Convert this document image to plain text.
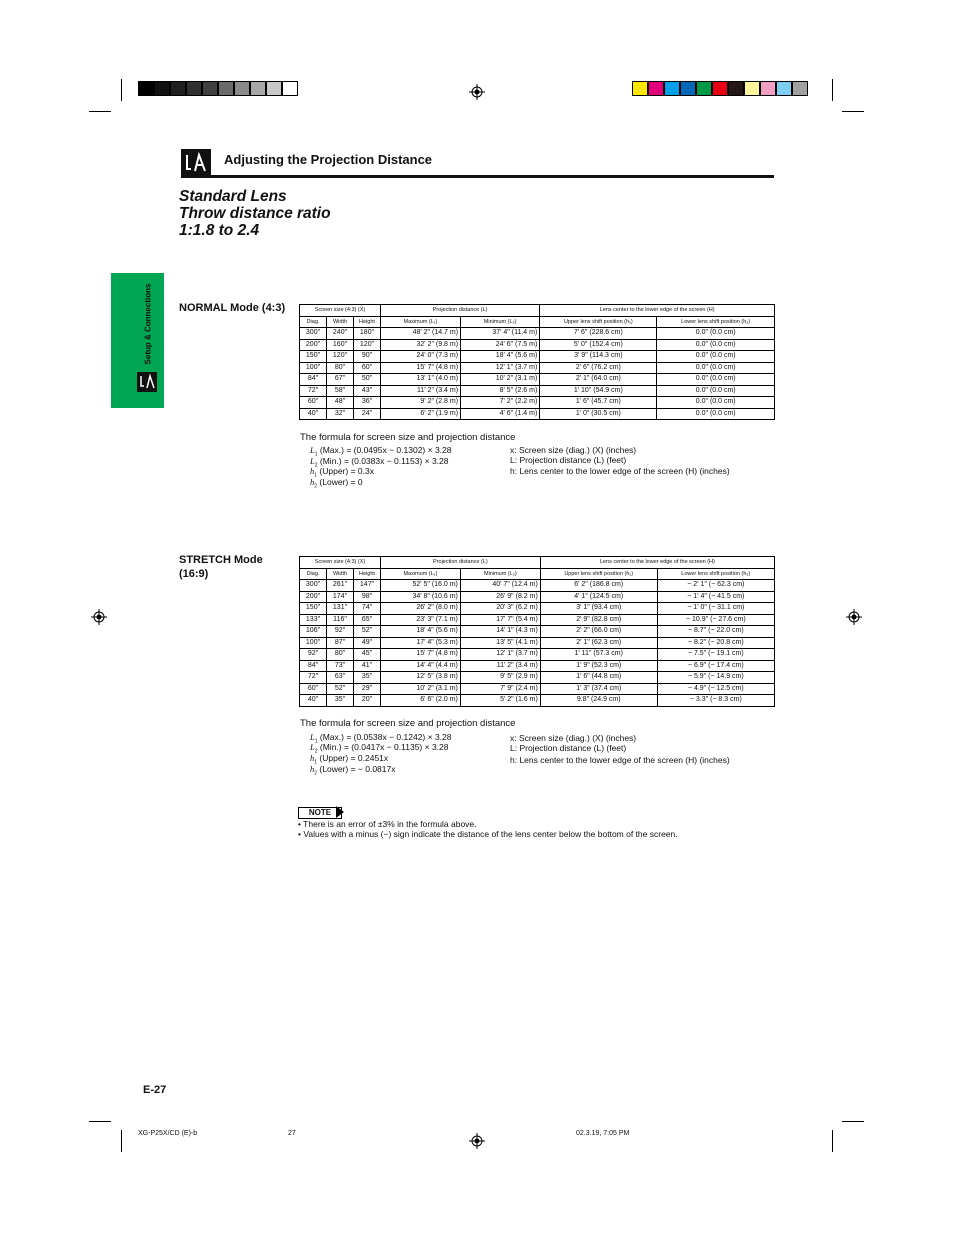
Adjusting the Projection Distance
Standard Lens
Throw distance ratio
1:1.8 to 2.4
Setup & Connections NORMAL Mode (4:3)	Screen size (4:3) (X)			Projection distance (L)		Lens center to the lower edge of the screen (H)	
Diag.	Width	Height	Maximum (L₁)	Minimum (L₂)	Upper lens shift position (h₁)	Lower lens shift position (h₂)
300"	240"	180"	48' 2" (14.7 m)	37' 4" (11.4 m)	7' 6" (228.6 cm)	0.0" (0.0 cm)
200"	160"	120"	32' 2" (9.8 m)	24' 6" (7.5 m)	5' 0" (152.4 cm)	0.0" (0.0 cm)
150"	120"	90"	24' 0" (7.3 m)	18' 4" (5.6 m)	3' 9" (114.3 cm)	0.0" (0.0 cm)
100"	80"	60"	15' 7" (4.8 m)	12' 1" (3.7 m)	2' 6" (76.2 cm)	0.0" (0.0 cm)
84"	67"	50"	13' 1" (4.0 m)	10' 2" (3.1 m)	2' 1" (64.0 cm)	0.0" (0.0 cm)
72"	58"	43"	11' 2" (3.4 m)	8' 5" (2.6 m)	1' 10" (54.9 cm)	0.0" (0.0 cm)
60"	48"	36"	9' 2" (2.8 m)	7' 2" (2.2 m)	1' 6" (45.7 cm)	0.0" (0.0 cm)
40"	32"	24"	6' 2" (1.9 m)	4' 6" (1.4 m)	1' 0" (30.5 cm)	0.0" (0.0 cm)
The formula for screen size and projection distance
$L_1$ (Max.) = (0.0495x − 0.1302) × 3.28
$L_2$ (Min.) = (0.0383x − 0.1153) × 3.28
$h_1$ (Upper) = 0.3x
$h_2$ (Lower) = 0
x: Screen size (diag.) (X) (inches)
L: Projection distance (L) (feet)
h: Lens center to the lower edge of the screen (H) (inches)
STRETCH Mode
(16:9)
Screen size (4:3) (X)			Projection distance (L)		Lens center to the lower edge of the screen (H)	
Diag.	Width	Height	Maximum (L₁)	Minimum (L₂)	Upper lens shift position (h₁)	Lower lens shift position (h₂)
300"	261"	147"	52' 5" (16.0 m)	40' 7" (12.4 m)	6' 2" (186.8 cm)	− 2' 1" (− 62.3 cm)
200"	174"	98"	34' 8" (10.6 m)	26' 9" (8.2 m)	4' 1" (124.5 cm)	− 1' 4" (− 41.5 cm)
150"	131"	74"	26' 2" (8.0 m)	20' 3" (6.2 m)	3' 1" (93.4 cm)	− 1' 0" (− 31.1 cm)
133"	116"	65"	23' 3" (7.1 m)	17' 7" (5.4 m)	2' 9" (82.8 cm)	− 10.9" (− 27.6 cm)
106"	92"	52"	18' 4" (5.6 m)	14' 1" (4.3 m)	2' 2" (66.0 cm)	− 8.7" (− 22.0 cm)
100"	87"	49"	17' 4" (5.3 m)	13' 5" (4.1 m)	2' 1" (62.3 cm)	− 8.2" (− 20.8 cm)
92"	80"	45"	15' 7" (4.8 m)	12' 1" (3.7 m)	1' 11" (57.3 cm)	− 7.5" (− 19.1 cm)
84"	73"	41"	14' 4" (4.4 m)	11' 2" (3.4 m)	1' 9" (52.3 cm)	− 6.9" (− 17.4 cm)
72"	63"	35"	12' 5" (3.8 m)	9' 5" (2.9 m)	1' 6" (44.8 cm)	− 5.9" (− 14.9 cm)
60"	52"	29"	10' 2" (3.1 m)	7' 9" (2.4 m)	1' 3" (37.4 cm)	− 4.9" (− 12.5 cm)
40"	35"	20"	6' 6" (2.0 m)	5' 2" (1.6 m)	9.8" (24.9 cm)	− 3.3" (− 8.3 cm)
The formula for screen size and projection distance
$L_1$ (Max.) = (0.0538x − 0.1242) × 3.28
$L_2$ (Min.) = (0.0417x − 0.1135) × 3.28
$h_1$ (Upper) = 0.2451x
$h_2$ (Lower) = − 0.0817x
x: Screen size (diag.) (X) (inches)
L: Projection distance (L) (feet)
h: Lens center to the lower edge of the screen (H) (inches)
NOTE
• There is an error of ±3% in the formula above.
• Values with a minus (−) sign indicate the distance of the lens center below the bottom of the screen.
E-27
XG-P25X/CD (E)-b	27	02.3.19, 7:05 PM
